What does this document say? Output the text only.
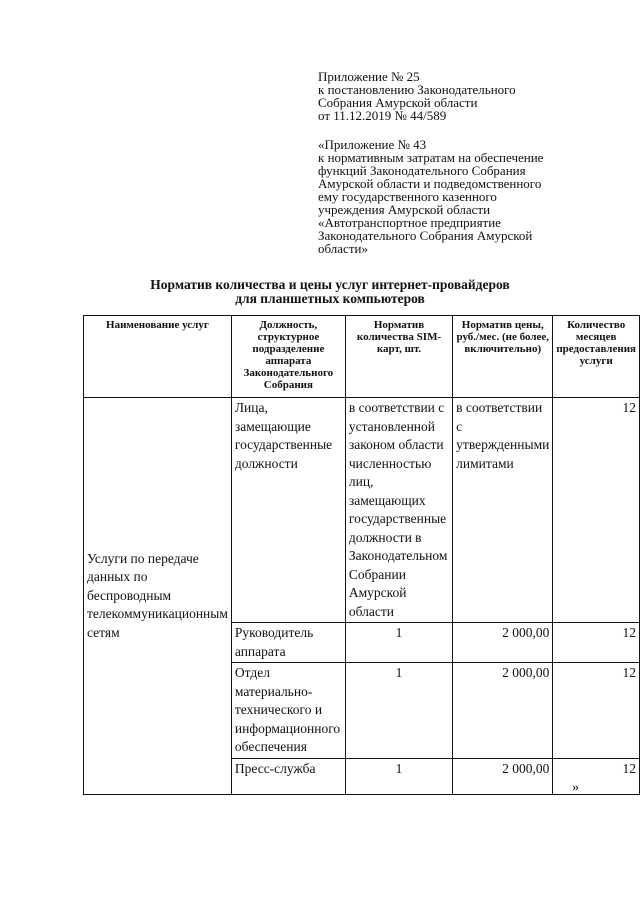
Приложение № 25
к постановлению Законодательного
Собрания Амурской области
от 11.12.2019 № 44/589
«Приложение № 43
к нормативным затратам на обеспечение
функций Законодательного Собрания
Амурской области и подведомственного
ему государственного казенного
учреждения Амурской области
«Автотранспортное предприятие
Законодательного Собрания Амурской
области»
Норматив количества и цены услуг интернет-провайдеров
для планшетных компьютеров
Наименование услуг	Должность, структурное подразделение аппарата Законодательного Собрания	Норматив количества SIM-карт, шт.	Норматив цены, руб./мес. (не более, включительно)	Количество месяцев предоставления услуги
Услуги по передаче данных по беспроводным телекоммуникационным сетям	Лица, замещающие государственные должности	в соответствии с установленной законом области численностью лиц, замещающих государственные должности в Законодательном Собрании Амурской области	в соответствии с утвержденными лимитами	12
	Руководитель аппарата	1	2 000,00	12
	Отдел материально-технического и информационного обеспечения	1	2 000,00	12
	Пресс-служба	1	2 000,00	12
»
